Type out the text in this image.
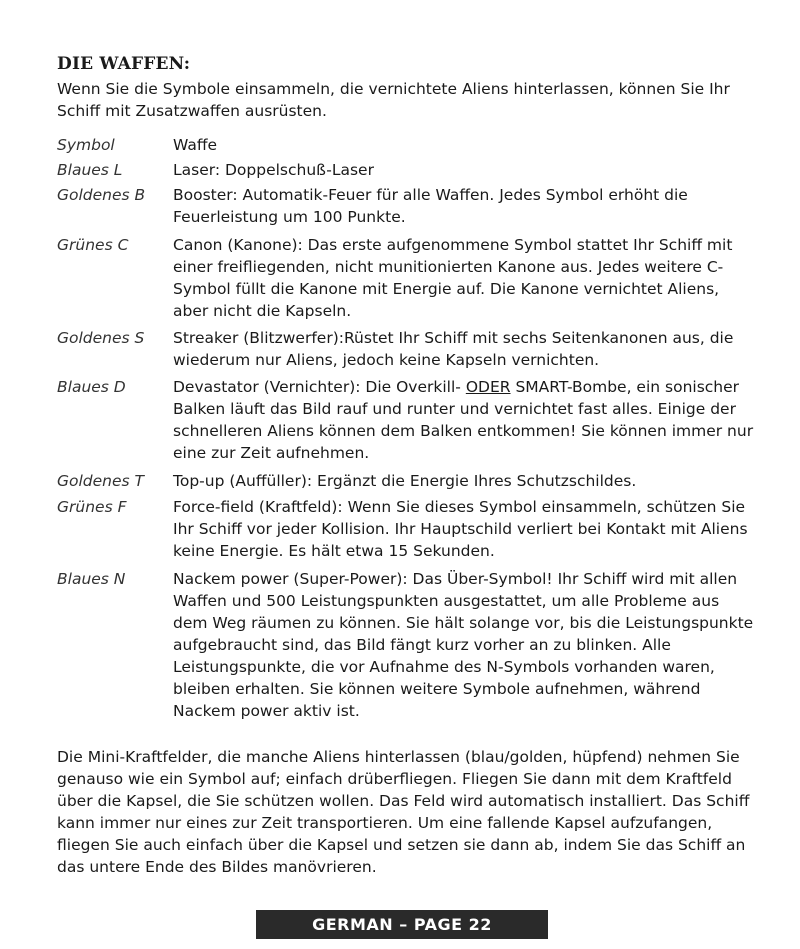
DIE WAFFEN:
Wenn Sie die Symbole einsammeln, die vernichtete Aliens hinterlassen, können Sie Ihr Schiff mit Zusatzwaffen ausrüsten.
Symbol	Waffe
Blaues L	Laser: Doppelschuß-Laser
Goldenes B	Booster: Automatik-Feuer für alle Waffen. Jedes Symbol erhöht die Feuerleistung um 100 Punkte.
Grünes C	Canon (Kanone): Das erste aufgenommene Symbol stattet Ihr Schiff mit einer freifliegenden, nicht munitionierten Kanone aus. Jedes weitere C-Symbol füllt die Kanone mit Energie auf. Die Kanone vernichtet Aliens, aber nicht die Kapseln.
Goldenes S	Streaker (Blitzwerfer):Rüstet Ihr Schiff mit sechs Seitenkanonen aus, die wiederum nur Aliens, jedoch keine Kapseln vernichten.
Blaues D	Devastator (Vernichter): Die Overkill- ODER SMART-Bombe, ein sonischer Balken läuft das Bild rauf und runter und vernichtet fast alles. Einige der schnelleren Aliens können dem Balken entkommen! Sie können immer nur eine zur Zeit aufnehmen.
Goldenes T	Top-up (Auffüller): Ergänzt die Energie Ihres Schutzschildes.
Grünes F	Force-field (Kraftfeld): Wenn Sie dieses Symbol einsammeln, schützen Sie Ihr Schiff vor jeder Kollision. Ihr Hauptschild verliert bei Kontakt mit Aliens keine Energie. Es hält etwa 15 Sekunden.
Blaues N	Nackem power (Super-Power): Das Über-Symbol! Ihr Schiff wird mit allen Waffen und 500 Leistungspunkten ausgestattet, um alle Probleme aus dem Weg räumen zu können. Sie hält solange vor, bis die Leistungspunkte aufgebraucht sind, das Bild fängt kurz vorher an zu blinken. Alle Leistungspunkte, die vor Aufnahme des N-Symbols vorhanden waren, bleiben erhalten. Sie können weitere Symbole aufnehmen, während Nackem power aktiv ist.
Die Mini-Kraftfelder, die manche Aliens hinterlassen (blau/golden, hüpfend) nehmen Sie genauso wie ein Symbol auf; einfach drüberfliegen. Fliegen Sie dann mit dem Kraftfeld über die Kapsel, die Sie schützen wollen. Das Feld wird automatisch installiert. Das Schiff kann immer nur eines zur Zeit transportieren. Um eine fallende Kapsel aufzufangen, fliegen Sie auch einfach über die Kapsel und setzen sie dann ab, indem Sie das Schiff an das untere Ende des Bildes manövrieren.
GERMAN – PAGE 22
